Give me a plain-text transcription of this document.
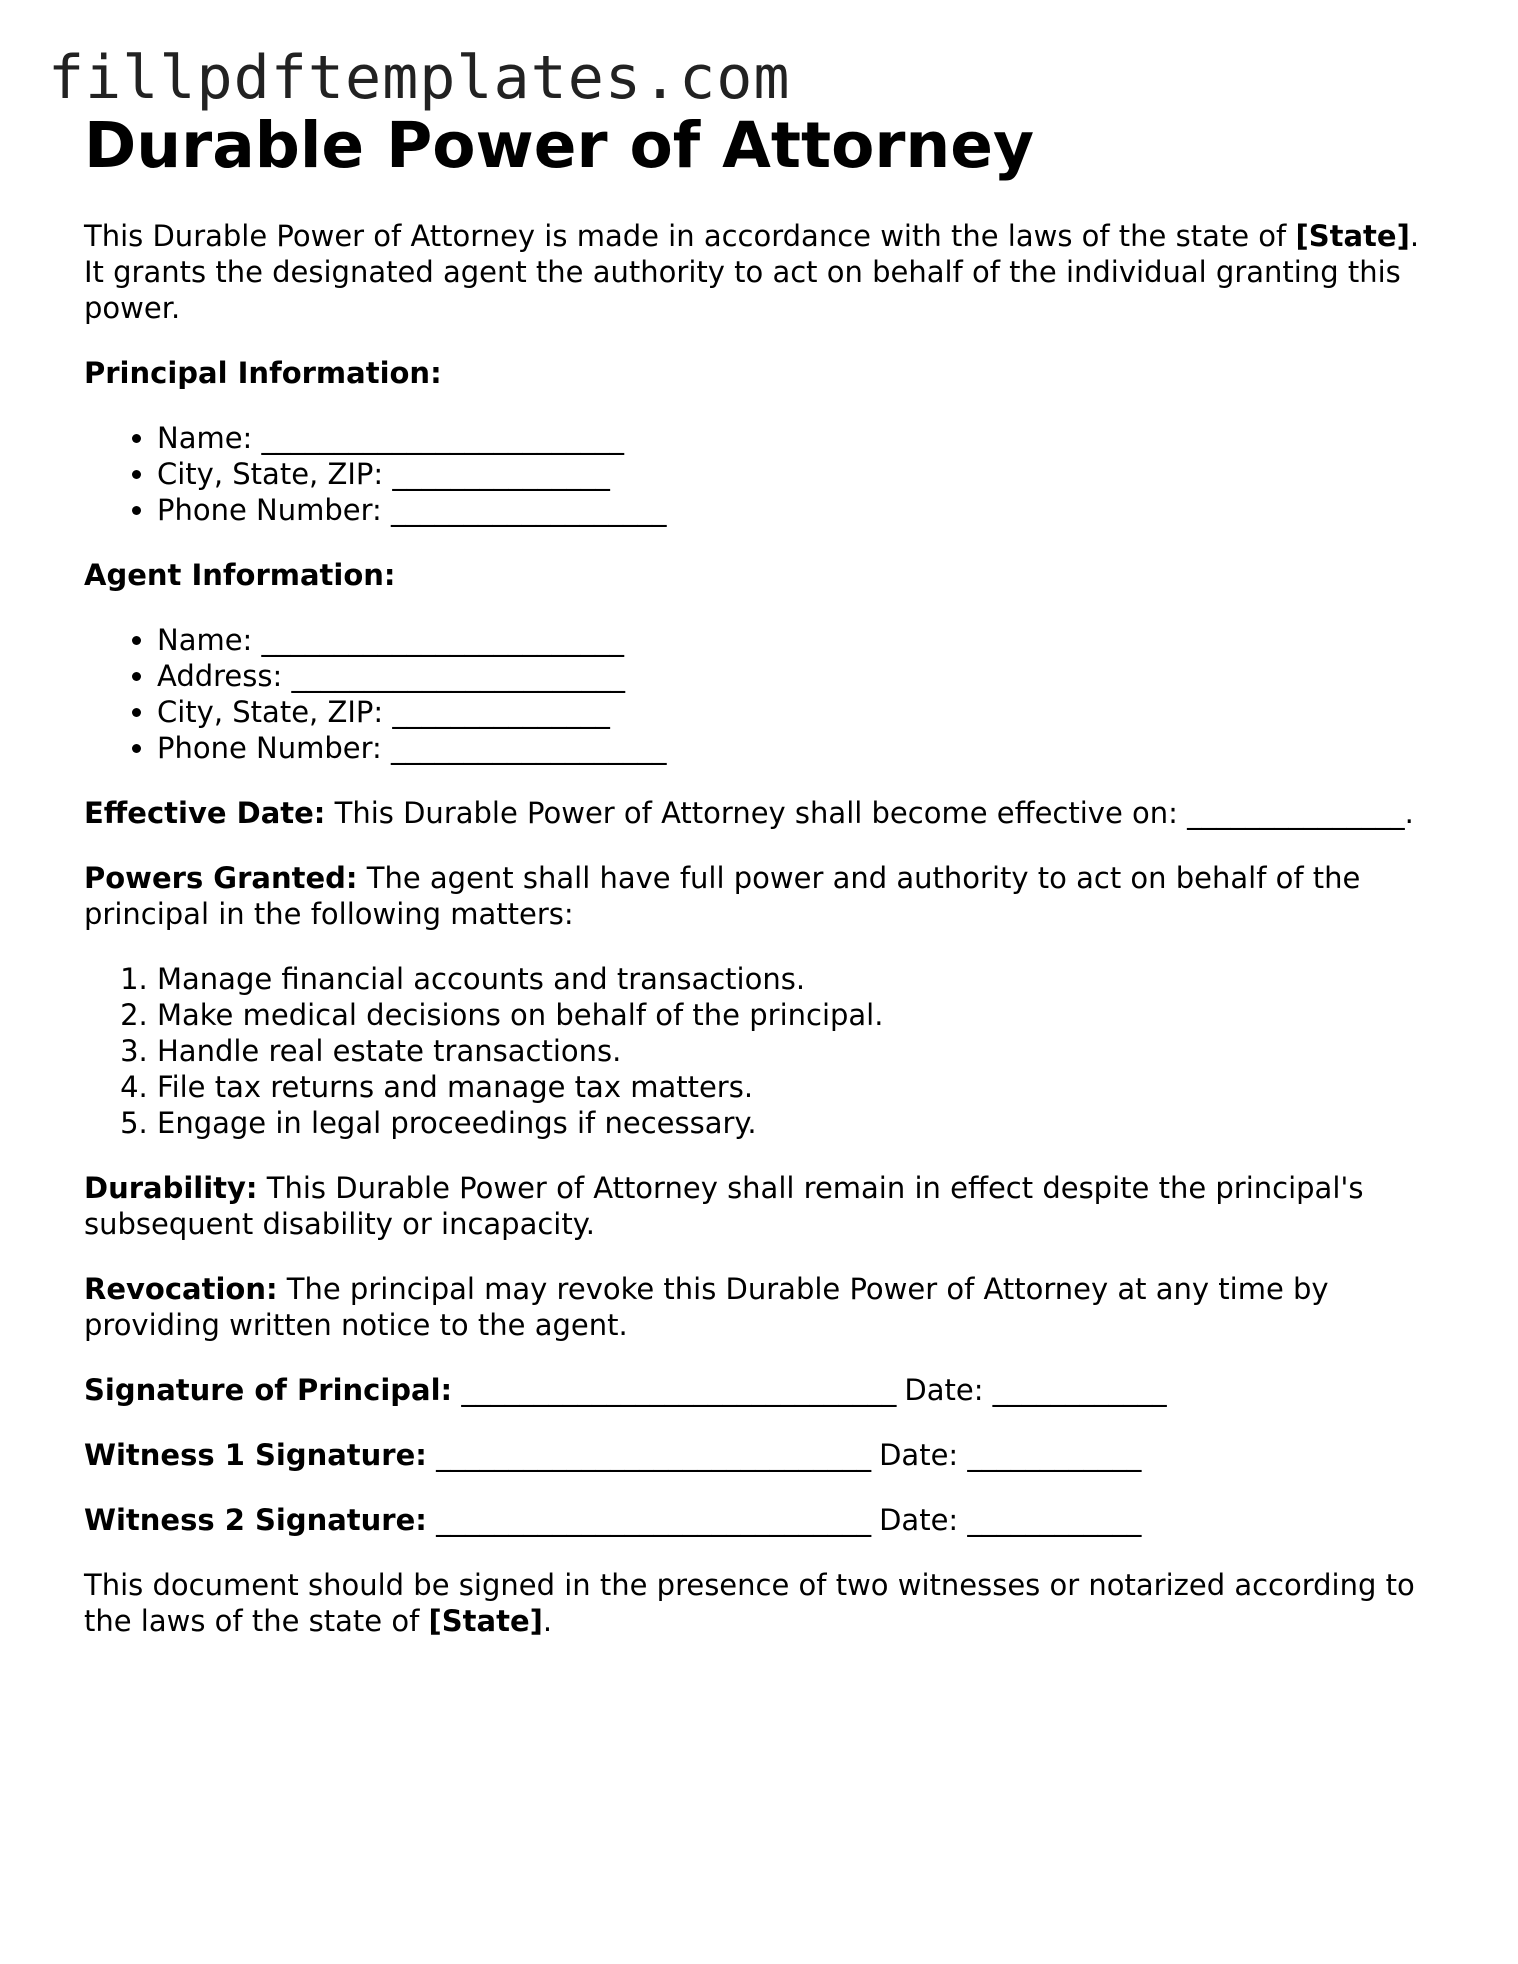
fillpdftemplates.com
Durable Power of Attorney

This Durable Power of Attorney is made in accordance with the laws of the state of [State]. It grants the designated agent the authority to act on behalf of the individual granting this power.

Principal Information:

• Name: _________________________
• City, State, ZIP: _______________
• Phone Number: ___________________

Agent Information:

• Name: _________________________
• Address: _______________________
• City, State, ZIP: _______________
• Phone Number: ___________________

Effective Date: This Durable Power of Attorney shall become effective on: _______________.

Powers Granted: The agent shall have full power and authority to act on behalf of the principal in the following matters:

1. Manage financial accounts and transactions.
2. Make medical decisions on behalf of the principal.
3. Handle real estate transactions.
4. File tax returns and manage tax matters.
5. Engage in legal proceedings if necessary.

Durability: This Durable Power of Attorney shall remain in effect despite the principal's subsequent disability or incapacity.

Revocation: The principal may revoke this Durable Power of Attorney at any time by providing written notice to the agent.

Signature of Principal: ______________________________ Date: ____________

Witness 1 Signature: ______________________________ Date: ____________

Witness 2 Signature: ______________________________ Date: ____________

This document should be signed in the presence of two witnesses or notarized according to the laws of the state of [State].
